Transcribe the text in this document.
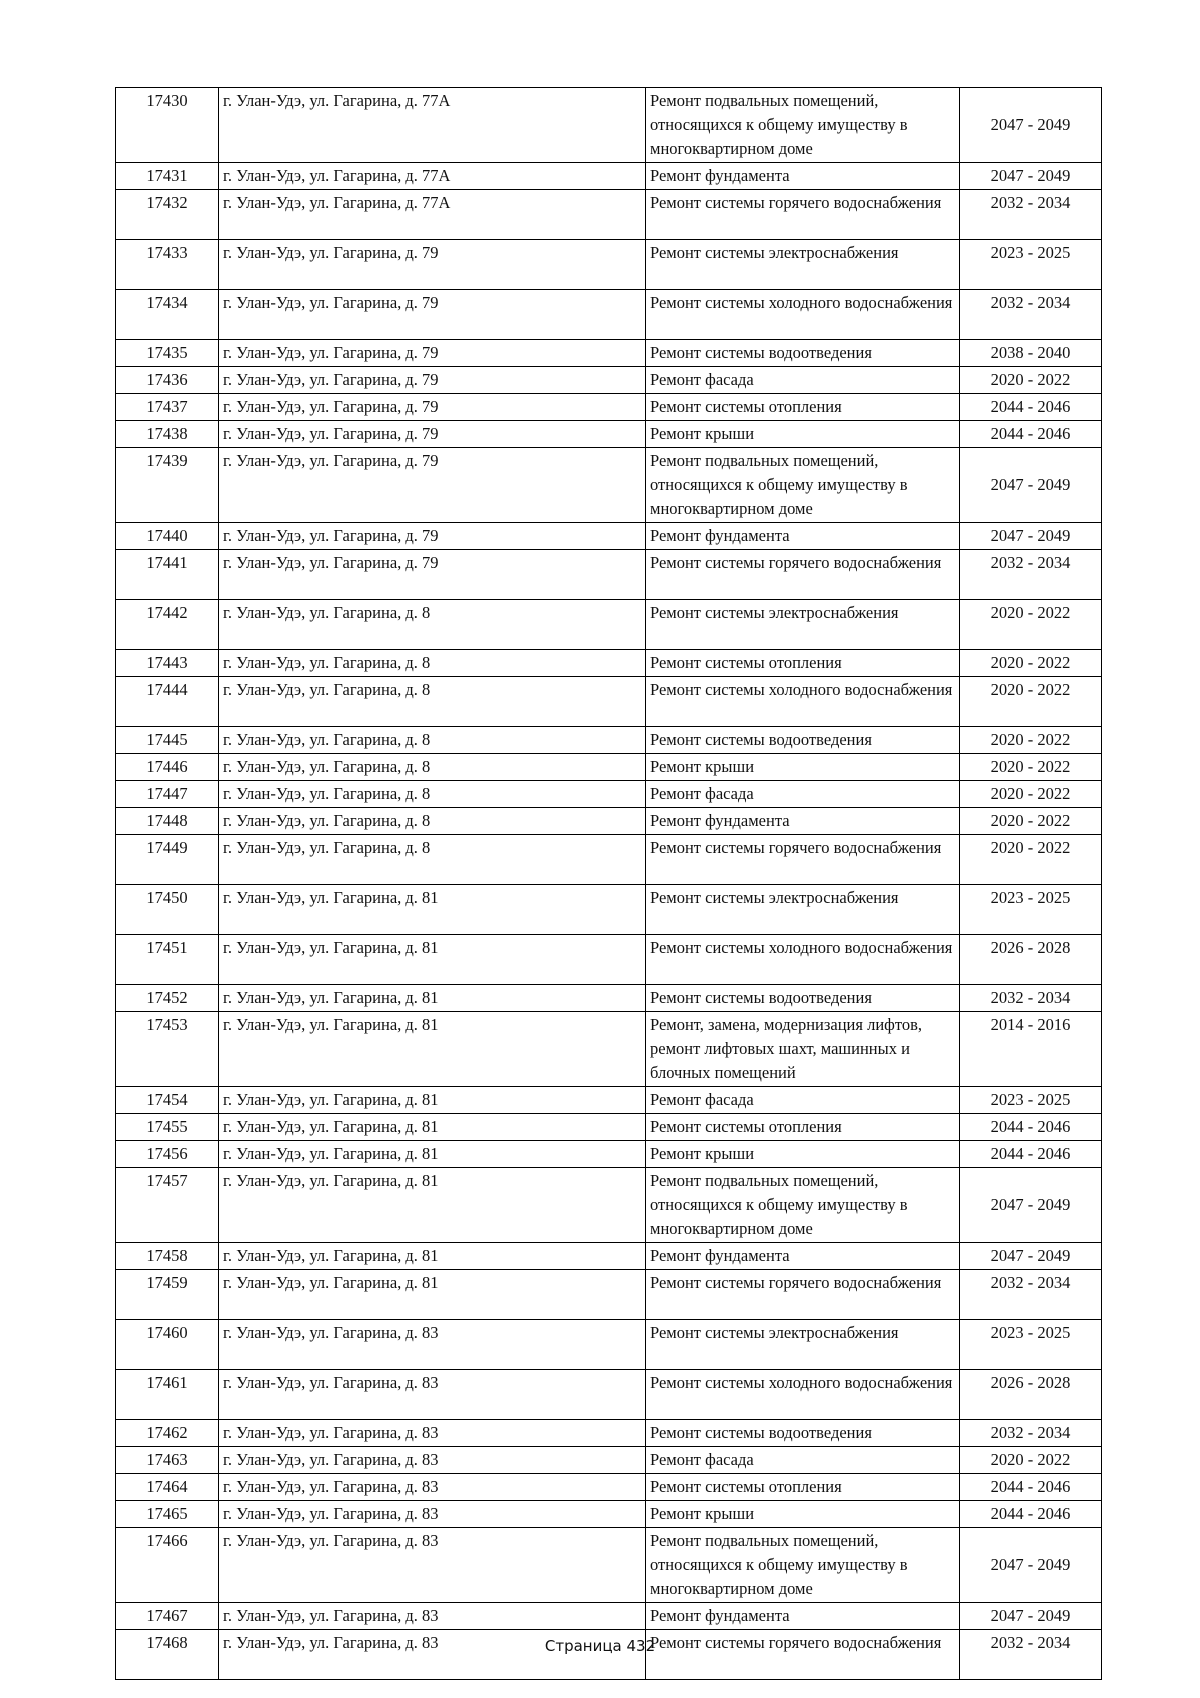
17430	г. Улан-Удэ, ул. Гагарина, д. 77А	Ремонт подвальных помещений, относящихся к общему имуществу в многоквартирном доме	2047 - 2049
17431	г. Улан-Удэ, ул. Гагарина, д. 77А	Ремонт фундамента	2047 - 2049
17432	г. Улан-Удэ, ул. Гагарина, д. 77А	Ремонт системы горячего водоснабжения	2032 - 2034
17433	г. Улан-Удэ, ул. Гагарина, д. 79	Ремонт системы электроснабжения	2023 - 2025
17434	г. Улан-Удэ, ул. Гагарина, д. 79	Ремонт системы холодного водоснабжения	2032 - 2034
17435	г. Улан-Удэ, ул. Гагарина, д. 79	Ремонт системы водоотведения	2038 - 2040
17436	г. Улан-Удэ, ул. Гагарина, д. 79	Ремонт фасада	2020 - 2022
17437	г. Улан-Удэ, ул. Гагарина, д. 79	Ремонт системы отопления	2044 - 2046
17438	г. Улан-Удэ, ул. Гагарина, д. 79	Ремонт крыши	2044 - 2046
17439	г. Улан-Удэ, ул. Гагарина, д. 79	Ремонт подвальных помещений, относящихся к общему имуществу в многоквартирном доме	2047 - 2049
17440	г. Улан-Удэ, ул. Гагарина, д. 79	Ремонт фундамента	2047 - 2049
17441	г. Улан-Удэ, ул. Гагарина, д. 79	Ремонт системы горячего водоснабжения	2032 - 2034
17442	г. Улан-Удэ, ул. Гагарина, д. 8	Ремонт системы электроснабжения	2020 - 2022
17443	г. Улан-Удэ, ул. Гагарина, д. 8	Ремонт системы отопления	2020 - 2022
17444	г. Улан-Удэ, ул. Гагарина, д. 8	Ремонт системы холодного водоснабжения	2020 - 2022
17445	г. Улан-Удэ, ул. Гагарина, д. 8	Ремонт системы водоотведения	2020 - 2022
17446	г. Улан-Удэ, ул. Гагарина, д. 8	Ремонт крыши	2020 - 2022
17447	г. Улан-Удэ, ул. Гагарина, д. 8	Ремонт фасада	2020 - 2022
17448	г. Улан-Удэ, ул. Гагарина, д. 8	Ремонт фундамента	2020 - 2022
17449	г. Улан-Удэ, ул. Гагарина, д. 8	Ремонт системы горячего водоснабжения	2020 - 2022
17450	г. Улан-Удэ, ул. Гагарина, д. 81	Ремонт системы электроснабжения	2023 - 2025
17451	г. Улан-Удэ, ул. Гагарина, д. 81	Ремонт системы холодного водоснабжения	2026 - 2028
17452	г. Улан-Удэ, ул. Гагарина, д. 81	Ремонт системы водоотведения	2032 - 2034
17453	г. Улан-Удэ, ул. Гагарина, д. 81	Ремонт, замена, модернизация лифтов, ремонт лифтовых шахт, машинных и блочных помещений	2014 - 2016
17454	г. Улан-Удэ, ул. Гагарина, д. 81	Ремонт фасада	2023 - 2025
17455	г. Улан-Удэ, ул. Гагарина, д. 81	Ремонт системы отопления	2044 - 2046
17456	г. Улан-Удэ, ул. Гагарина, д. 81	Ремонт крыши	2044 - 2046
17457	г. Улан-Удэ, ул. Гагарина, д. 81	Ремонт подвальных помещений, относящихся к общему имуществу в многоквартирном доме	2047 - 2049
17458	г. Улан-Удэ, ул. Гагарина, д. 81	Ремонт фундамента	2047 - 2049
17459	г. Улан-Удэ, ул. Гагарина, д. 81	Ремонт системы горячего водоснабжения	2032 - 2034
17460	г. Улан-Удэ, ул. Гагарина, д. 83	Ремонт системы электроснабжения	2023 - 2025
17461	г. Улан-Удэ, ул. Гагарина, д. 83	Ремонт системы холодного водоснабжения	2026 - 2028
17462	г. Улан-Удэ, ул. Гагарина, д. 83	Ремонт системы водоотведения	2032 - 2034
17463	г. Улан-Удэ, ул. Гагарина, д. 83	Ремонт фасада	2020 - 2022
17464	г. Улан-Удэ, ул. Гагарина, д. 83	Ремонт системы отопления	2044 - 2046
17465	г. Улан-Удэ, ул. Гагарина, д. 83	Ремонт крыши	2044 - 2046
17466	г. Улан-Удэ, ул. Гагарина, д. 83	Ремонт подвальных помещений, относящихся к общему имуществу в многоквартирном доме	2047 - 2049
17467	г. Улан-Удэ, ул. Гагарина, д. 83	Ремонт фундамента	2047 - 2049
17468	г. Улан-Удэ, ул. Гагарина, д. 83	Ремонт системы горячего водоснабжения	2032 - 2034
Страница 432
